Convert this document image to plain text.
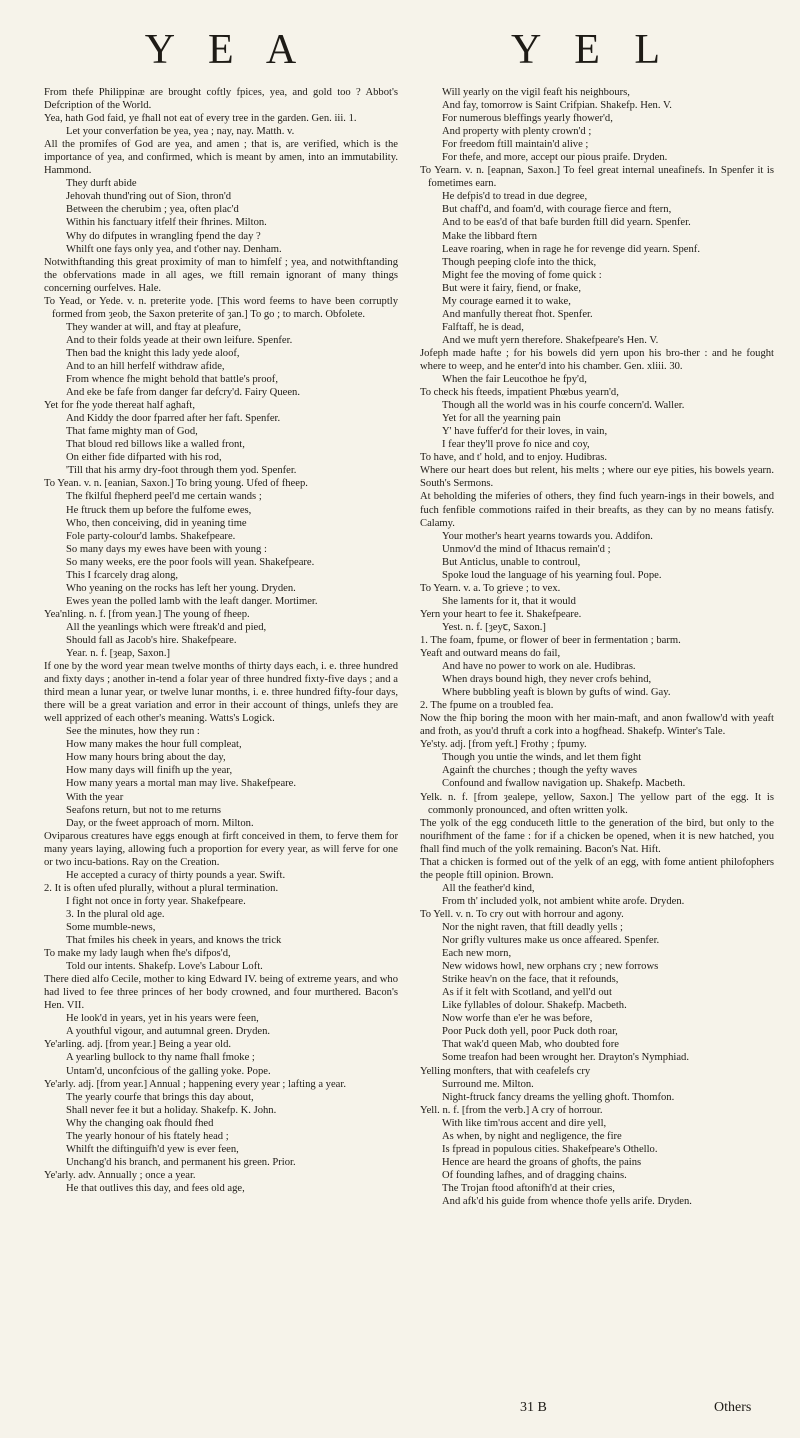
Y E A	Y E L

From thefe Philippinæ are brought coftly fpices, yea, and gold too ? Abbot's Defcription of the World.

Yea, hath God faid, ye fhall not eat of every tree in the garden. Gen. iii. 1.

Let your converfation be yea, yea ; nay, nay. Matth. v.

All the promifes of God are yea, and amen ; that is, are verified, which is the importance of yea, and confirmed, which is meant by amen, into an immutability. Hammond.

They durft abide

Jehovah thund'ring out of Sion, thron'd

Between the cherubim ; yea, often plac'd

Within his fanctuary itfelf their fhrines. Milton.

Why do difputes in wrangling fpend the day ?

Whilft one fays only yea, and t'other nay. Denham.

Notwithftanding this great proximity of man to himfelf ; yea, and notwithftanding the obfervations made in all ages, we ftill remain ignorant of many things concerning ourfelves. Hale.

To Yead, or Yede. v. n. preterite yode. [This word feems to have been corruptly formed from ȝeob, the Saxon preterite of ȝan.] To go ; to march. Obfolete.

They wander at will, and ftay at pleafure,

And to their folds yeade at their own leifure. Spenfer.

Then bad the knight this lady yede aloof,

And to an hill herfelf withdraw afide,

From whence fhe might behold that battle's proof,

And eke be fafe from danger far defcry'd. Fairy Queen.

Yet for fhe yode thereat half aghaft,

And Kiddy the door fparred after her faft. Spenfer.

That fame mighty man of God,

That bloud red billows like a walled front,

On either fide difparted with his rod,

'Till that his army dry-foot through them yod. Spenfer.

To Yean. v. n. [eanian, Saxon.] To bring young. Ufed of fheep.

The fkilful fhepherd peel'd me certain wands ;

He ftruck them up before the fulfome ewes,

Who, then conceiving, did in yeaning time

Fole party-colour'd lambs. Shakefpeare.

So many days my ewes have been with young :

So many weeks, ere the poor fools will yean. Shakefpeare.

This I fcarcely drag along,

Who yeaning on the rocks has left her young. Dryden.

Ewes yean the polled lamb with the leaft danger. Mortimer.

Yea'nling. n. f. [from yean.] The young of fheep.

All the yeanlings which were ftreak'd and pied,

Should fall as Jacob's hire. Shakefpeare.

Year. n. f. [ȝeap, Saxon.]

If one by the word year mean twelve months of thirty days each, i. e. three hundred and fixty days ; another in-tend a folar year of three hundred fixty-five days ; and a third mean a lunar year, or twelve lunar months, i. e. three hundred fifty-four days, there will be a great variation and error in their account of things, unlefs they are well apprized of each other's meaning. Watts's Logick.

See the minutes, how they run :

How many makes the hour full compleat,

How many hours bring about the day,

How many days will finifh up the year,

How many years a mortal man may live. Shakefpeare.

With the year

Seafons return, but not to me returns

Day, or the fweet approach of morn. Milton.

Oviparous creatures have eggs enough at firft conceived in them, to ferve them for many years laying, allowing fuch a proportion for every year, as will ferve for one or two incu-bations. Ray on the Creation.

He accepted a curacy of thirty pounds a year. Swift.

2. It is often ufed plurally, without a plural termination.

I fight not once in forty year. Shakefpeare.

3. In the plural old age.

Some mumble-news,

That fmiles his cheek in years, and knows the trick

To make my lady laugh when fhe's difpos'd,

Told our intents. Shakefp. Love's Labour Loft.

There died alfo Cecile, mother to king Edward IV. being of extreme years, and who had lived to fee three princes of her body crowned, and four murthered. Bacon's Hen. VII.

He look'd in years, yet in his years were feen,

A youthful vigour, and autumnal green. Dryden.

Ye'arling. adj. [from year.] Being a year old.

A yearling bullock to thy name fhall fmoke ;

Untam'd, unconfcious of the galling yoke. Pope.

Ye'arly. adj. [from year.] Annual ; happening every year ; lafting a year.

The yearly courfe that brings this day about,

Shall never fee it but a holiday. Shakefp. K. John.

Why the changing oak fhould fhed

The yearly honour of his ftately head ;

Whilft the diftinguifh'd yew is ever feen,

Unchang'd his branch, and permanent his green. Prior.

Ye'arly. adv. Annually ; once a year.

He that outlives this day, and fees old age,

Will yearly on the vigil feaft his neighbours,

And fay, tomorrow is Saint Crifpian. Shakefp. Hen. V.

For numerous bleffings yearly fhower'd,

And property with plenty crown'd ;

For freedom ftill maintain'd alive ;

For thefe, and more, accept our pious praife. Dryden.

To Yearn. v. n. [eapnan, Saxon.] To feel great internal uneafinefs. In Spenfer it is fometimes earn.

He defpis'd to tread in due degree,

But chaff'd, and foam'd, with courage fierce and ftern,

And to be eas'd of that bafe burden ftill did yearn. Spenfer.

Make the libbard ftern

Leave roaring, when in rage he for revenge did yearn. Spenf.

Though peeping clofe into the thick,

Might fee the moving of fome quick :

But were it fairy, fiend, or fnake,

My courage earned it to wake,

And manfully thereat fhot. Spenfer.

Falftaff, he is dead,

And we muft yern therefore. Shakefpeare's Hen. V.

Jofeph made hafte ; for his bowels did yern upon his bro-ther : and he fought where to weep, and he enter'd into his chamber. Gen. xliii. 30.

When the fair Leucothoe he fpy'd,

To check his fteeds, impatient Phœbus yearn'd,

Though all the world was in his courfe concern'd. Waller.

Yet for all the yearning pain

Y' have fuffer'd for their loves, in vain,

I fear they'll prove fo nice and coy,

To have, and t' hold, and to enjoy. Hudibras.

Where our heart does but relent, his melts ; where our eye pities, his bowels yearn. South's Sermons.

At beholding the miferies of others, they find fuch yearn-ings in their bowels, and fuch fenfible commotions raifed in their breafts, as they can by no means fatisfy. Calamy.

Your mother's heart yearns towards you. Addifon.

Unmov'd the mind of Ithacus remain'd ;

But Anticlus, unable to controul,

Spoke loud the language of his yearning foul. Pope.

To Yearn. v. a. To grieve ; to vex.

She laments for it, that it would

Yern your heart to fee it. Shakefpeare.

Yest. n. f. [ȝeyꞇ, Saxon.]

1. The foam, fpume, or flower of beer in fermentation ; barm.

Yeaft and outward means do fail,

And have no power to work on ale. Hudibras.

When drays bound high, they never crofs behind,

Where bubbling yeaft is blown by gufts of wind. Gay.

2. The fpume on a troubled fea.

Now the fhip boring the moon with her main-maft, and anon fwallow'd with yeaft and froth, as you'd thruft a cork into a hogfhead. Shakefp. Winter's Tale.

Ye'sty. adj. [from yeft.] Frothy ; fpumy.

Though you untie the winds, and let them fight

Againft the churches ; though the yefty waves

Confound and fwallow navigation up. Shakefp. Macbeth.

Yelk. n. f. [from ȝealepe, yellow, Saxon.] The yellow part of the egg. It is commonly pronounced, and often written yolk.

The yolk of the egg conduceth little to the generation of the bird, but only to the nourifhment of the fame : for if a chicken be opened, when it is new hatched, you fhall find much of the yolk remaining. Bacon's Nat. Hift.

That a chicken is formed out of the yelk of an egg, with fome antient philofophers the people ftill opinion. Brown.

All the feather'd kind,

From th' included yolk, not ambient white arofe. Dryden.

To Yell. v. n. To cry out with horrour and agony.

Nor the night raven, that ftill deadly yells ;

Nor grifly vultures make us once affeared. Spenfer.

Each new morn,

New widows howl, new orphans cry ; new forrows

Strike heav'n on the face, that it refounds,

As if it felt with Scotland, and yell'd out

Like fyllables of dolour. Shakefp. Macbeth.

Now worfe than e'er he was before,

Poor Puck doth yell, poor Puck doth roar,

That wak'd queen Mab, who doubted fore

Some treafon had been wrought her. Drayton's Nymphiad.

Yelling monfters, that with ceafelefs cry

Surround me. Milton.

Night-ftruck fancy dreams the yelling ghoft. Thomfon.

Yell. n. f. [from the verb.] A cry of horrour.

With like tim'rous accent and dire yell,

As when, by night and negligence, the fire

Is fpread in populous cities. Shakefpeare's Othello.

Hence are heard the groans of ghofts, the pains

Of founding lafhes, and of dragging chains.

The Trojan ftood aftonifh'd at their cries,

And afk'd his guide from whence thofe yells arife. Dryden.

31 B	Others
